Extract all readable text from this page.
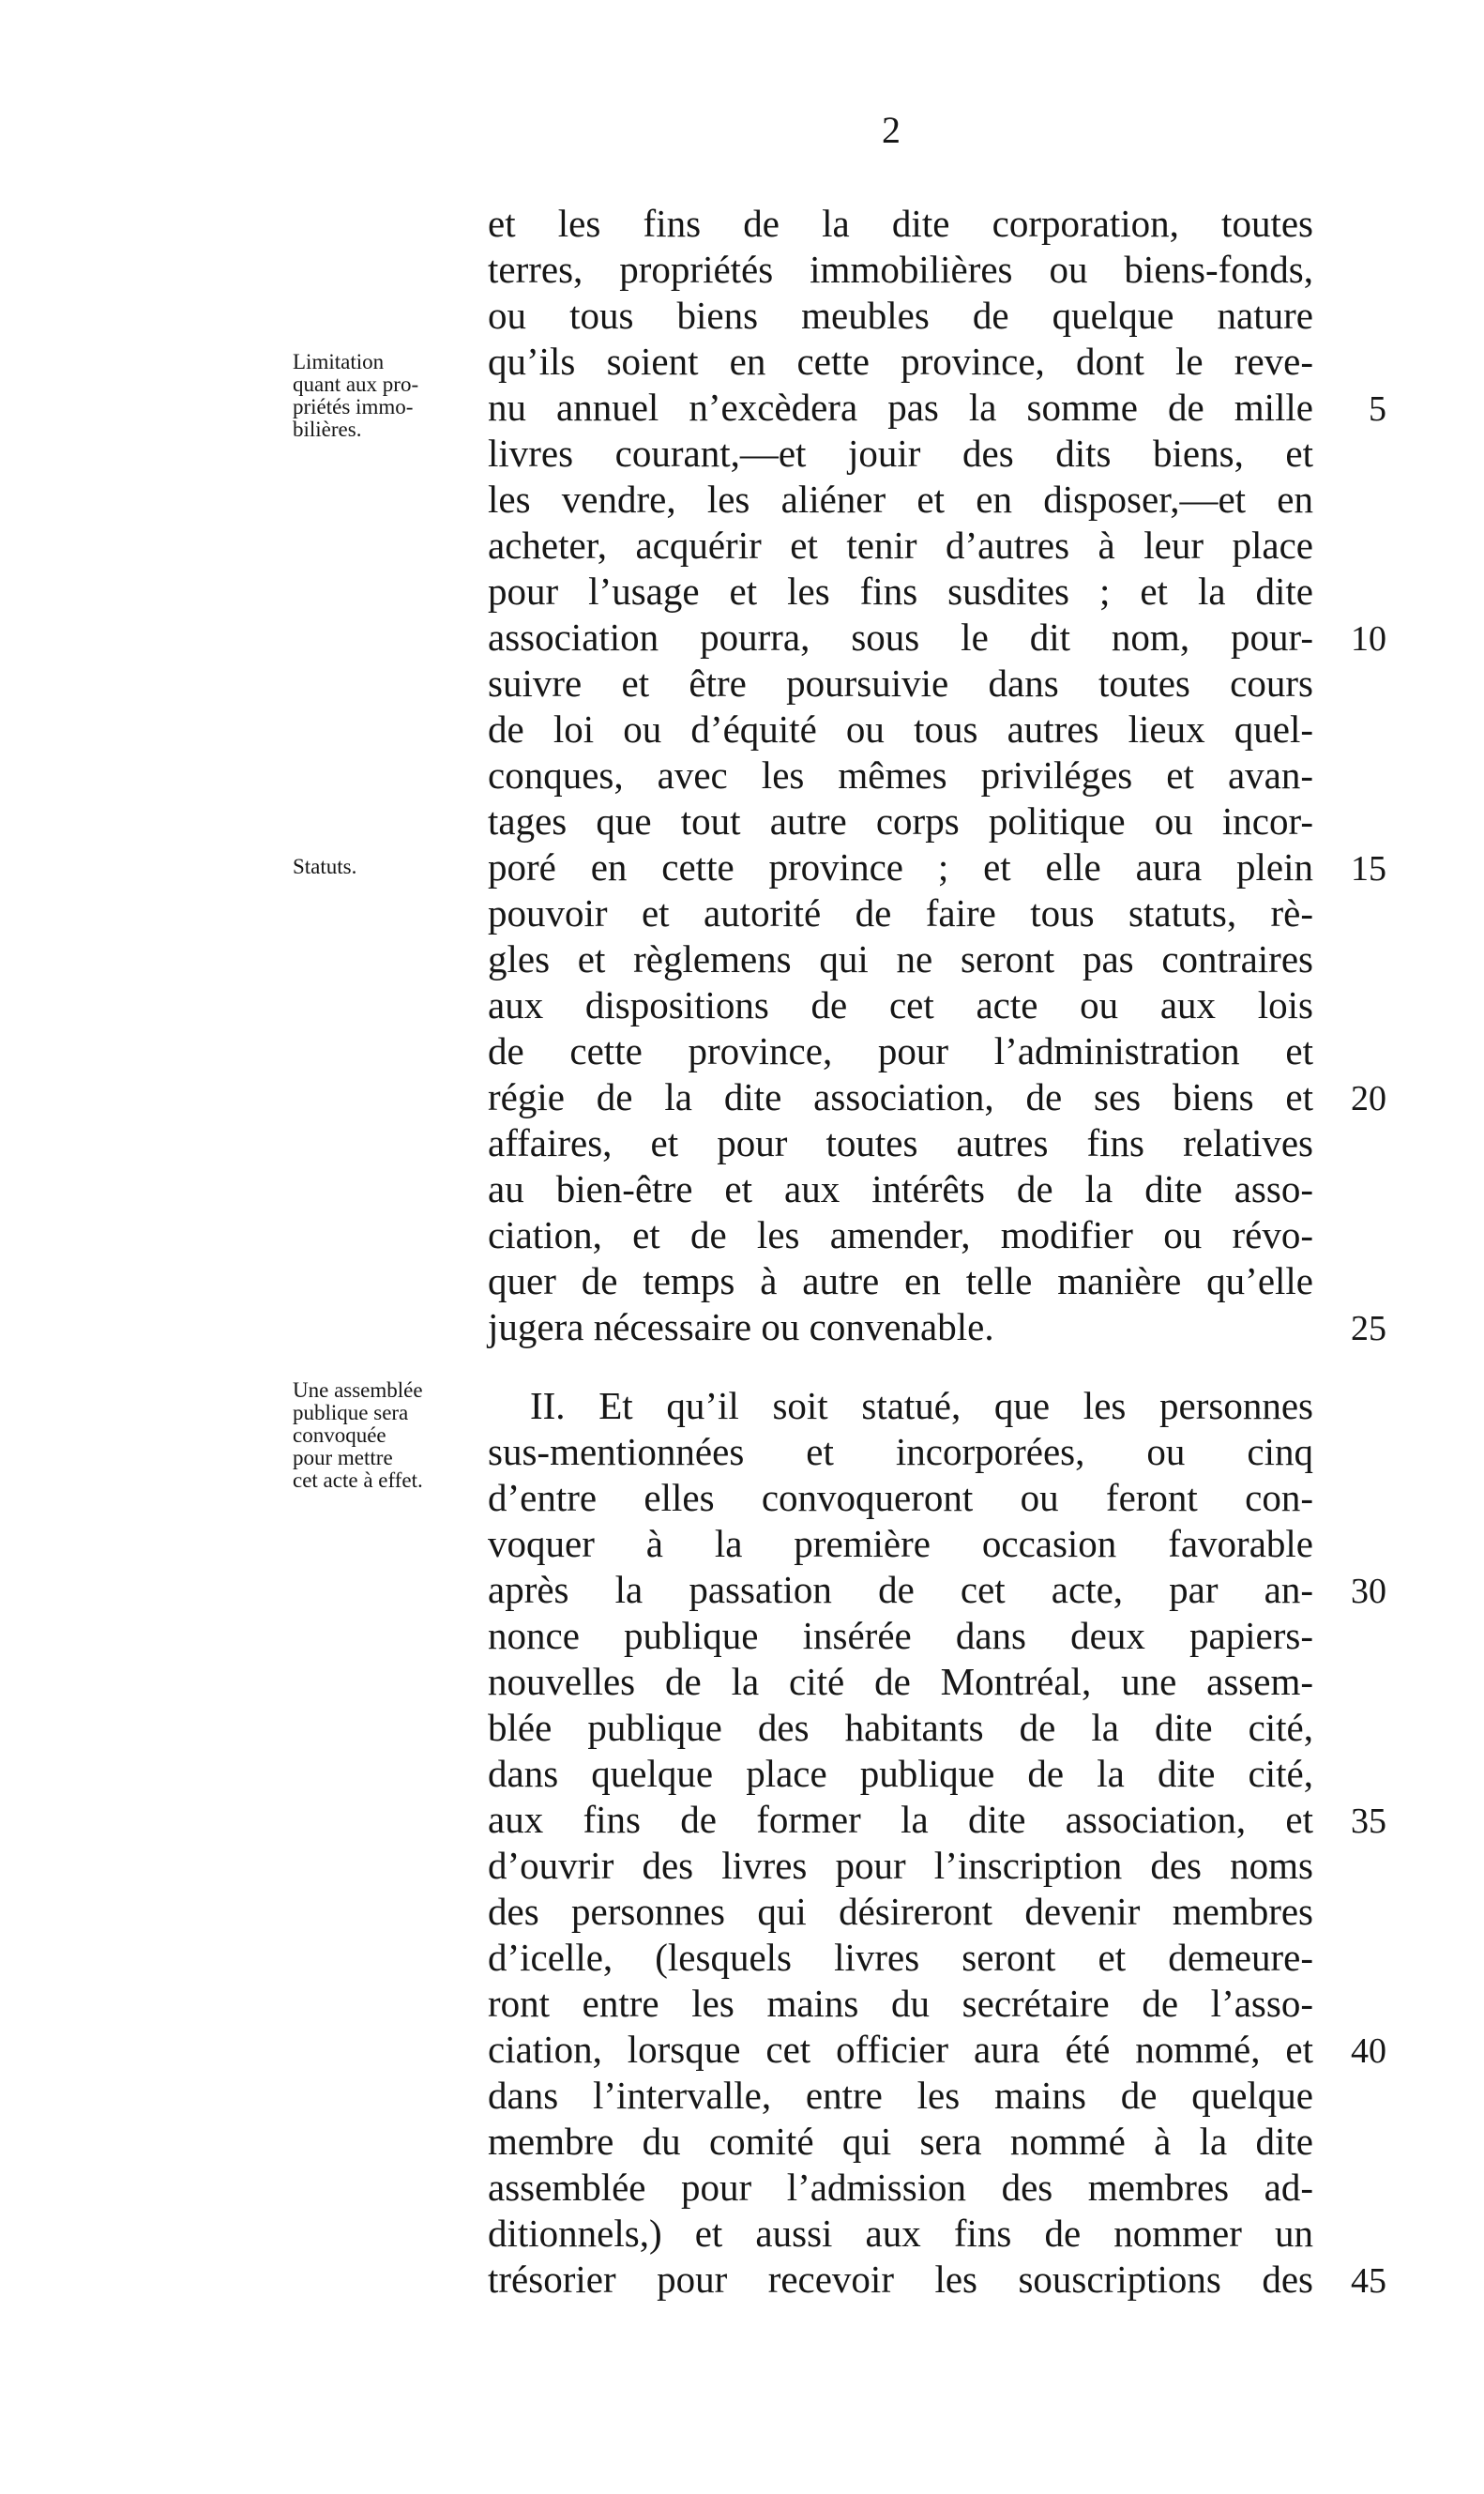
2
Limitation
quant aux pro-
priétés immo-
bilières.
Statuts.
Une assemblée
publique sera
convoquée
pour mettre
cet acte à effet.
et les fins de la dite corporation, toutes
terres, propriétés immobilières ou biens-fonds,
ou tous biens meubles de quelque nature
qu’ils soient en cette province, dont le reve-
nu annuel n’excèdera pas la somme de mille
livres courant,—et jouir des dits biens, et
les vendre, les aliéner et en disposer,—et en
acheter, acquérir et tenir d’autres à leur place
pour l’usage et les fins susdites ; et la dite
association pourra, sous le dit nom, pour-
suivre et être poursuivie dans toutes cours
de loi ou d’équité ou tous autres lieux quel-
conques, avec les mêmes priviléges et avan-
tages que tout autre corps politique ou incor-
poré en cette province ; et elle aura plein
pouvoir et autorité de faire tous statuts, rè-
gles et règlemens qui ne seront pas contraires
aux dispositions de cet acte ou aux lois
de cette province, pour l’administration et
régie de la dite association, de ses biens et
affaires, et pour toutes autres fins relatives
au bien-être et aux intérêts de la dite asso-
ciation, et de les amender, modifier ou révo-
quer de temps à autre en telle manière qu’elle
jugera nécessaire ou convenable.
II. Et qu’il soit statué, que les personnes
sus-mentionnées et incorporées, ou cinq
d’entre elles convoqueront ou feront con-
voquer à la première occasion favorable
après la passation de cet acte, par an-
nonce publique insérée dans deux papiers-
nouvelles de la cité de Montréal, une assem-
blée publique des habitants de la dite cité,
dans quelque place publique de la dite cité,
aux fins de former la dite association, et
d’ouvrir des livres pour l’inscription des noms
des personnes qui désireront devenir membres
d’icelle, (lesquels livres seront et demeure-
ront entre les mains du secrétaire de l’asso-
ciation, lorsque cet officier aura été nommé, et
dans l’intervalle, entre les mains de quelque
membre du comité qui sera nommé à la dite
assemblée pour l’admission des membres ad-
ditionnels,) et aussi aux fins de nommer un
trésorier pour recevoir les souscriptions des
5
10
15
20
25
30
35
40
45
